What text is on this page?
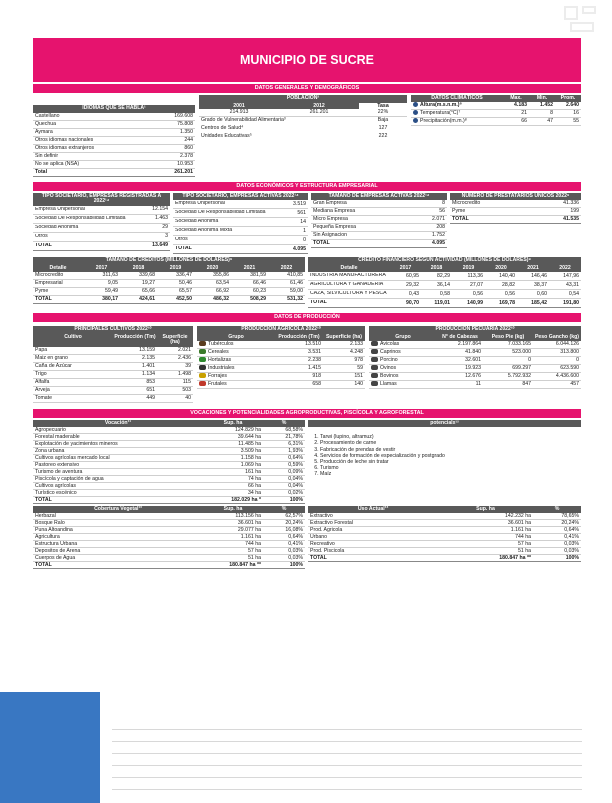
MUNICIPIO DE SUCRE
DATOS GENERALES Y DEMOGRÁFICOS
IDIOMAS QUE SE HABLA¹
Castellano	169.608
Quechua	75.808
Aymara	1.350
Otros idiomas nacionales	244
Otros idiomas extranjeros	860
Sin definir	2.378
No se aplica (NSA)	10.953
Total	261.201
POBLACIÓN²
2001	2012	Tasa
214.913	261.201	22%
Grado de Vulnerabilidad Alimentaria³	Baja
Centros de Salud⁴	127
Unidades Educativas⁵	222
DATOS CLIMÁTICOS	Max.	Min.	Prom.
Altura(m.s.n.m.)⁶	4.183	1.452	2.640
Temperatura(°C)⁷	21	8	16
Precipitación(m.m.)⁸	66	47	55
DATOS ECONÓMICOS Y ESTRUCTURA EMPRESARIAL
TIPO SOCIETARIO, EMPRESAS REGISTRADAS A 2022¹⁴
Empresa Unipersonal	12.154
Sociedad De Responsabilidad Limitada	1.463
Sociedad Anonima	29
Otros	3
TOTAL	13.649
TIPO SOCIETARIO, EMPRESAS ACTIVAS 2022¹⁴
Empresa Unipersonal	3.519
Sociedad De Responsabilidad Limitada	561
Sociedad Anonima	14
Sociedad Anonima Mixta	1
Otros	0
TOTAL	4.095
TAMAÑO DE EMPRESAS ACTIVAS 2022¹⁴
Gran Empresa	8
Mediana Empresa	56
Micro Empresa	2.071
Pequeña Empresa	208
Sin Asignacion	1.752
TOTAL	4.095
NÚMERO DE PRESTATARIOS ÚNICOS 2022⁹
Microcredito	41.336
Pyme	199
TOTAL	41.535
TAMAÑO DE CRÉDITOS (MILLONES DE DÓLARES)⁹
Detalle	2017	2018	2019	2020	2021	2022
Microcredito	311,63	339,68	336,47	355,86	381,59	410,85
Empresarial	9,05	19,27	50,46	63,54	66,46	61,46
Pyme	59,49	65,66	65,57	66,92	60,23	59,00
TOTAL	380,17	424,61	452,50	486,32	508,29	531,32
CRÉDITO FINANCIERO SEGÚN ACTIVIDAD (MILLONES DE DÓLARES)⁹
Detalle	2017	2018	2019	2020	2021	2022
INDUSTRIA MANUFACTURERA	60,95	82,29	113,36	140,40	146,46	147,96
AGRICULTURA Y GANADERIA	29,32	36,14	27,07	28,82	38,37	43,31
CAZA, SILVICULTURA Y PESCA	0,43	0,58	0,56	0,56	0,60	0,54
TOTAL	90,70	119,01	140,99	169,78	185,42	191,80
DATOS DE PRODUCCIÓN
PRINCIPALES CULTIVOS 2022¹⁰
Cultivo	Producción (Tm)	Superficie (ha)
Papa	13.159	2.021
Maiz en grano	2.135	2.436
Caña de Azúcar	1.401	39
Trigo	1.134	1.498
Alfalfa	853	115
Arveja	651	503
Tomate	449	40
PRODUCCIÓN AGRÍCOLA 2022¹⁰
Grupo	Producción (Tm)	Superficie (ha)
Tubérculos	13.510	2.133
Cereales	3.531	4.248
Hortalizas	2.238	978
Industriales	1.415	59
Forrajes	918	151
Frutales	658	140
PRODUCCIÓN PECUARIA 2022¹⁰
Grupo	N° de Cabezas	Peso Pie (kg)	Peso Gancho (kg)
Avicolas	2.197.864	7.033.165	6.044.126
Caprinos	41.840	523.000	313.800
Porcino	32.601	0	0
Ovinos	19.923	699.297	623.590
Bovinos	12.676	5.792.932	4.436.600
Llamas	11	847	457
VOCACIONES Y POTENCIALIDADES AGROPRODUCTIVAS, PISCÍCOLA Y AGROFORESTAL
Vocación¹¹	Sup. ha	%
Agropecuario	124.829 ha	68,58%
Forestal maderable	39.644 ha	21,78%
Explotación de yacimientos mineros	11.485 ha	6,31%
Zona urbana	3.509 ha	1,93%
Cultivos agrícolas mercado local	1.158 ha	0,64%
Pastoreo extensivo	1.069 ha	0,59%
Turismo de aventura	161 ha	0,09%
Piscícola y captación de agua	74 ha	0,04%
Cultivos agrícolas	66 ha	0,04%
Turístico escénico	34 ha	0,02%
TOTAL	182.029 ha *	100%
potencialx¹²
1. Tarwi (lupino, altramuz)
2. Procesamiento de carne
3. Fabricación de prendas de vestir
4. Servicios de formación de especialización y postgrado
5. Producción de leche sin tratar
6. Turismo
7. Maíz
Cobertura Vegetal¹³	Sup. ha	%
Herbazal	113.156 ha	62,57%
Bosque Ralo	36.601 ha	20,24%
Puna Altoandina	29.077 ha	16,08%
Agricultura	1.161 ha	0,64%
Estructura Urbana	744 ha	0,41%
Depositos de Arena	57 ha	0,03%
Cuerpos de Agua	51 ha	0,03%
TOTAL	180.847 ha **	100%
Uso Actual¹³	Sup. ha	%
Extractivo	142.232 ha	78,65%
Extractivo Forestal	36.601 ha	20,24%
Prod. Agricola	1.161 ha	0,64%
Urbano	744 ha	0,41%
Recreativo	57 ha	0,03%
Prod. Piscicola	51 ha	0,03%
TOTAL	180.847 ha **	100%
